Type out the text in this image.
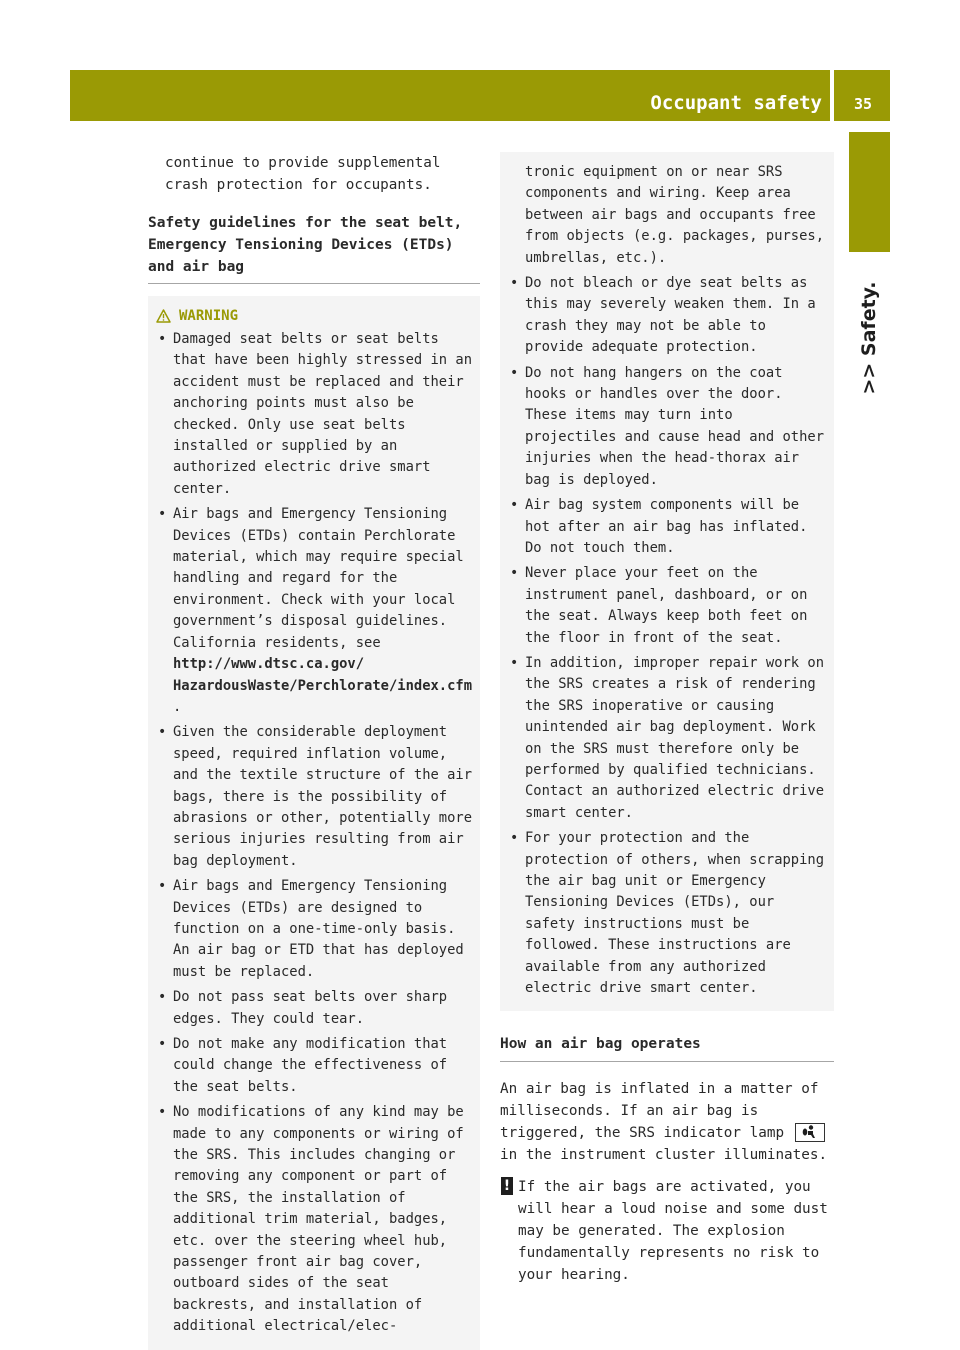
Occupant safety 35
>> Safety.

continue to provide supplemental crash protection for occupants.

Safety guidelines for the seat belt, Emergency Tensioning Devices (ETDs) and air bag
WARNING
• Damaged seat belts or seat belts that have been highly stressed in an accident must be replaced and their anchoring points must also be checked. Only use seat belts installed or supplied by an authorized electric drive smart center.
• Air bags and Emergency Tensioning Devices (ETDs) contain Perchlorate material, which may require special handling and regard for the environment. Check with your local government’s disposal guidelines. California residents, see http://www.dtsc.ca.gov/ HazardousWaste/Perchlorate/index.cfm .
• Given the considerable deployment speed, required inflation volume, and the textile structure of the air bags, there is the possibility of abrasions or other, potentially more serious injuries resulting from air bag deployment.
• Air bags and Emergency Tensioning Devices (ETDs) are designed to function on a one-time-only basis. An air bag or ETD that has deployed must be replaced.
• Do not pass seat belts over sharp edges. They could tear.
• Do not make any modification that could change the effectiveness of the seat belts.
• No modifications of any kind may be made to any components or wiring of the SRS. This includes changing or removing any component or part of the SRS, the installation of additional trim material, badges, etc. over the steering wheel hub, passenger front air bag cover, outboard sides of the seat backrests, and installation of additional electrical/elec-

tronic equipment on or near SRS components and wiring. Keep area between air bags and occupants free from objects (e.g. packages, purses, umbrellas, etc.).

• Do not bleach or dye seat belts as this may severely weaken them. In a crash they may not be able to provide adequate protection.
• Do not hang hangers on the coat hooks or handles over the door. These items may turn into projectiles and cause head and other injuries when the head-thorax air bag is deployed.
• Air bag system components will be hot after an air bag has inflated. Do not touch them.
• Never place your feet on the instrument panel, dashboard, or on the seat. Always keep both feet on the floor in front of the seat.
• In addition, improper repair work on the SRS creates a risk of rendering the SRS inoperative or causing unintended air bag deployment. Work on the SRS must therefore only be performed by qualified technicians. Contact an authorized electric drive smart center.
• For your protection and the protection of others, when scrapping the air bag unit or Emergency Tensioning Devices (ETDs), our safety instructions must be followed. These instructions are available from any authorized electric drive smart center.
How an air bag operates

An air bag is inflated in a matter of milliseconds. If an air bag is triggered, the SRS indicator lamp  in the instrument cluster illuminates.

! If the air bags are activated, you will hear a loud noise and some dust may be generated. The explosion fundamentally represents no risk to your hearing.
